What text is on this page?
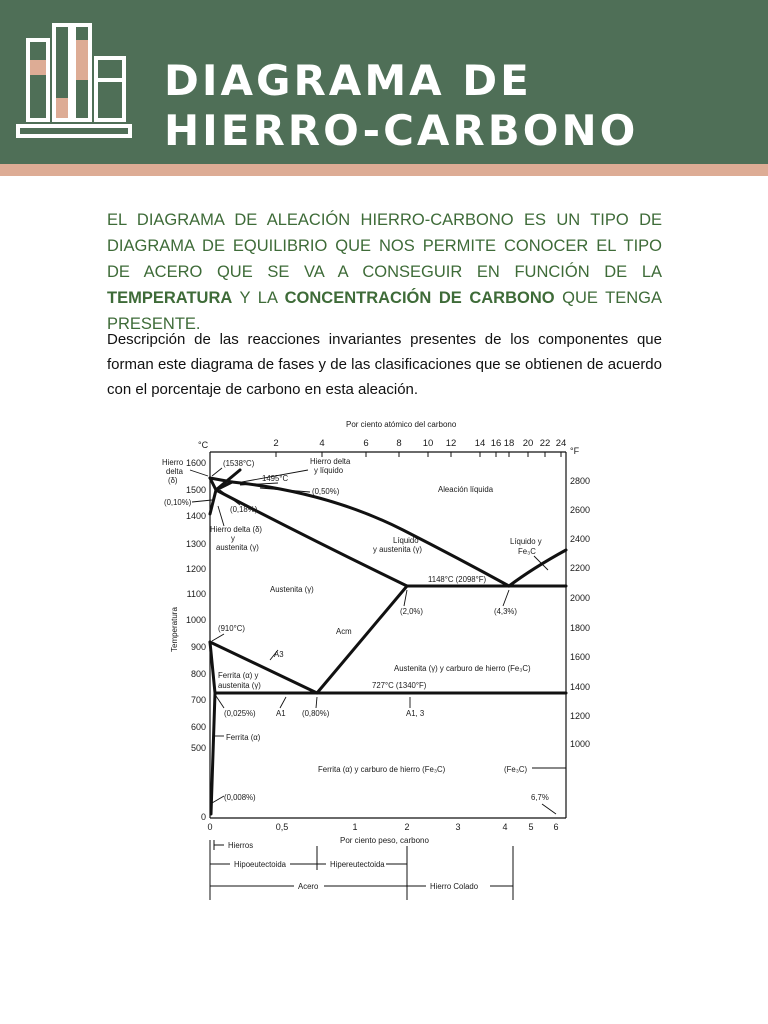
DIAGRAMA DE
HIERRO-CARBONO

EL DIAGRAMA DE ALEACIÓN HIERRO-CARBONO ES UN TIPO DE DIAGRAMA DE EQUILIBRIO QUE NOS PERMITE CONOCER EL TIPO DE ACERO QUE SE VA A CONSEGUIR EN FUNCIÓN DE LA TEMPERATURA Y LA CONCENTRACIÓN DE CARBONO QUE TENGA PRESENTE.

Descripción de las reacciones invariantes presentes de los componentes que forman este diagrama de fases y de las clasificaciones que se obtienen de acuerdo con el porcentaje de carbono en esta aleación.

Por ciento atómico del carbono
2	4	6	8 10 12 14 16 18 20 22 24
°C
1600
1500
1400
1300
1200
1100
1000
900
800
700
600
500
0
Temperatura
°F
2800
2600
2400
2200
2000
1800
1600
1400
1200
1000
0	0,5	1	2	3	4 5 6
Por ciento peso, carbono
Hierro
delta
(δ)
(1538°C)	Hierro delta
y líquido
1495°C
(0,50%)
(0,10%)
(0,18%)
Aleación líquida
Hierro delta (δ)
y
austenita (γ)
Líquido
y austenita (γ)
Líquido y
Fe₃C
1148°C (2098°F)
Austenita (γ)
(2,0%)	(4,3%)
(910°C)	Acm
A3
Austenita (γ) y carburo de hierro (Fe₃C)
Ferrita (α) y
austenita (γ)	727°C (1340°F)
(0,025%)	A1 (0,80%)	A1, 3
Ferrita (α)
Ferrita (α) y carburo de hierro (Fe₃C)	(Fe₃C)
(0,008%)	6,7%
Hierros
Hipoeutectoida	Hipereutectoida
Acero	Hierro Colado
